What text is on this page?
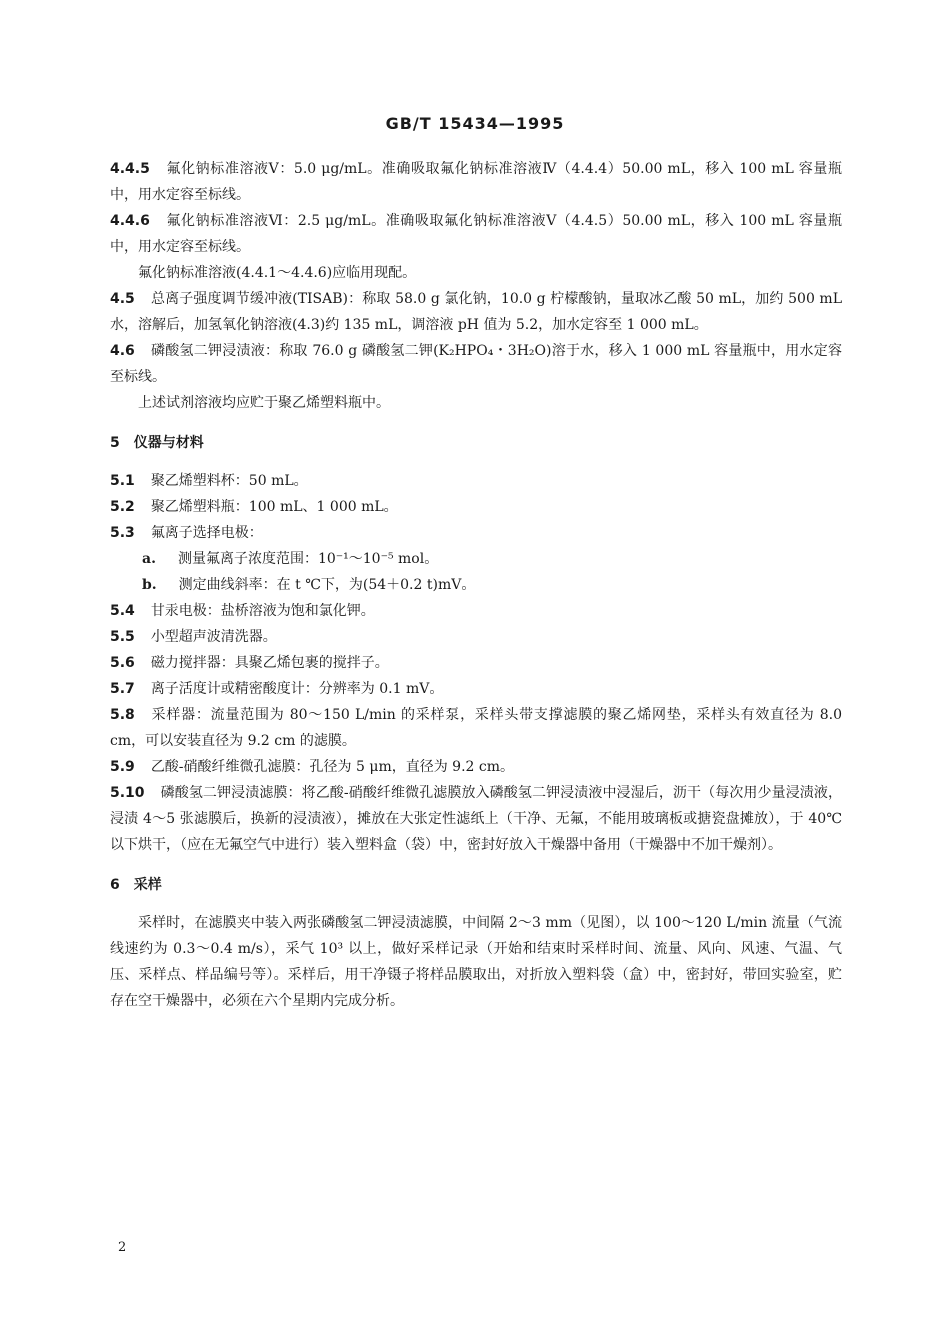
GB/T 15434—1995

4.4.5 氟化钠标准溶液Ⅴ：5.0 μg/mL。准确吸取氟化钠标准溶液Ⅳ（4.4.4）50.00 mL，移入 100 mL 容量瓶中，用水定容至标线。

4.4.6 氟化钠标准溶液Ⅵ：2.5 μg/mL。准确吸取氟化钠标准溶液Ⅴ（4.4.5）50.00 mL，移入 100 mL 容量瓶中，用水定容至标线。

氟化钠标准溶液(4.4.1～4.4.6)应临用现配。

4.5 总离子强度调节缓冲液(TISAB)：称取 58.0 g 氯化钠，10.0 g 柠檬酸钠，量取冰乙酸 50 mL，加约 500 mL 水，溶解后，加氢氧化钠溶液(4.3)约 135 mL，调溶液 pH 值为 5.2，加水定容至 1 000 mL。

4.6 磷酸氢二钾浸渍液：称取 76.0 g 磷酸氢二钾(K₂HPO₄・3H₂O)溶于水，移入 1 000 mL 容量瓶中，用水定容至标线。

上述试剂溶液均应贮于聚乙烯塑料瓶中。

5 仪器与材料

5.1 聚乙烯塑料杯：50 mL。

5.2 聚乙烯塑料瓶：100 mL、1 000 mL。

5.3 氟离子选择电极：

a. 测量氟离子浓度范围：10⁻¹～10⁻⁵ mol。

b. 测定曲线斜率：在 t ℃下，为(54＋0.2 t)mV。

5.4 甘汞电极：盐桥溶液为饱和氯化钾。

5.5 小型超声波清洗器。

5.6 磁力搅拌器：具聚乙烯包裹的搅拌子。

5.7 离子活度计或精密酸度计：分辨率为 0.1 mV。

5.8 采样器：流量范围为 80～150 L/min 的采样泵，采样头带支撑滤膜的聚乙烯网垫，采样头有效直径为 8.0 cm，可以安装直径为 9.2 cm 的滤膜。

5.9 乙酸-硝酸纤维微孔滤膜：孔径为 5 μm，直径为 9.2 cm。

5.10 磷酸氢二钾浸渍滤膜：将乙酸-硝酸纤维微孔滤膜放入磷酸氢二钾浸渍液中浸湿后，沥干（每次用少量浸渍液，浸渍 4～5 张滤膜后，换新的浸渍液），摊放在大张定性滤纸上（干净、无氟，不能用玻璃板或搪瓷盘摊放），于 40℃以下烘干，（应在无氟空气中进行）装入塑料盒（袋）中，密封好放入干燥器中备用（干燥器中不加干燥剂）。

6 采样

采样时，在滤膜夹中装入两张磷酸氢二钾浸渍滤膜，中间隔 2～3 mm（见图），以 100～120 L/min 流量（气流线速约为 0.3～0.4 m/s），采气 10³ 以上，做好采样记录（开始和结束时采样时间、流量、风向、风速、气温、气压、采样点、样品编号等）。采样后，用干净镊子将样品膜取出，对折放入塑料袋（盒）中，密封好，带回实验室，贮存在空干燥器中，必须在六个星期内完成分析。

2
